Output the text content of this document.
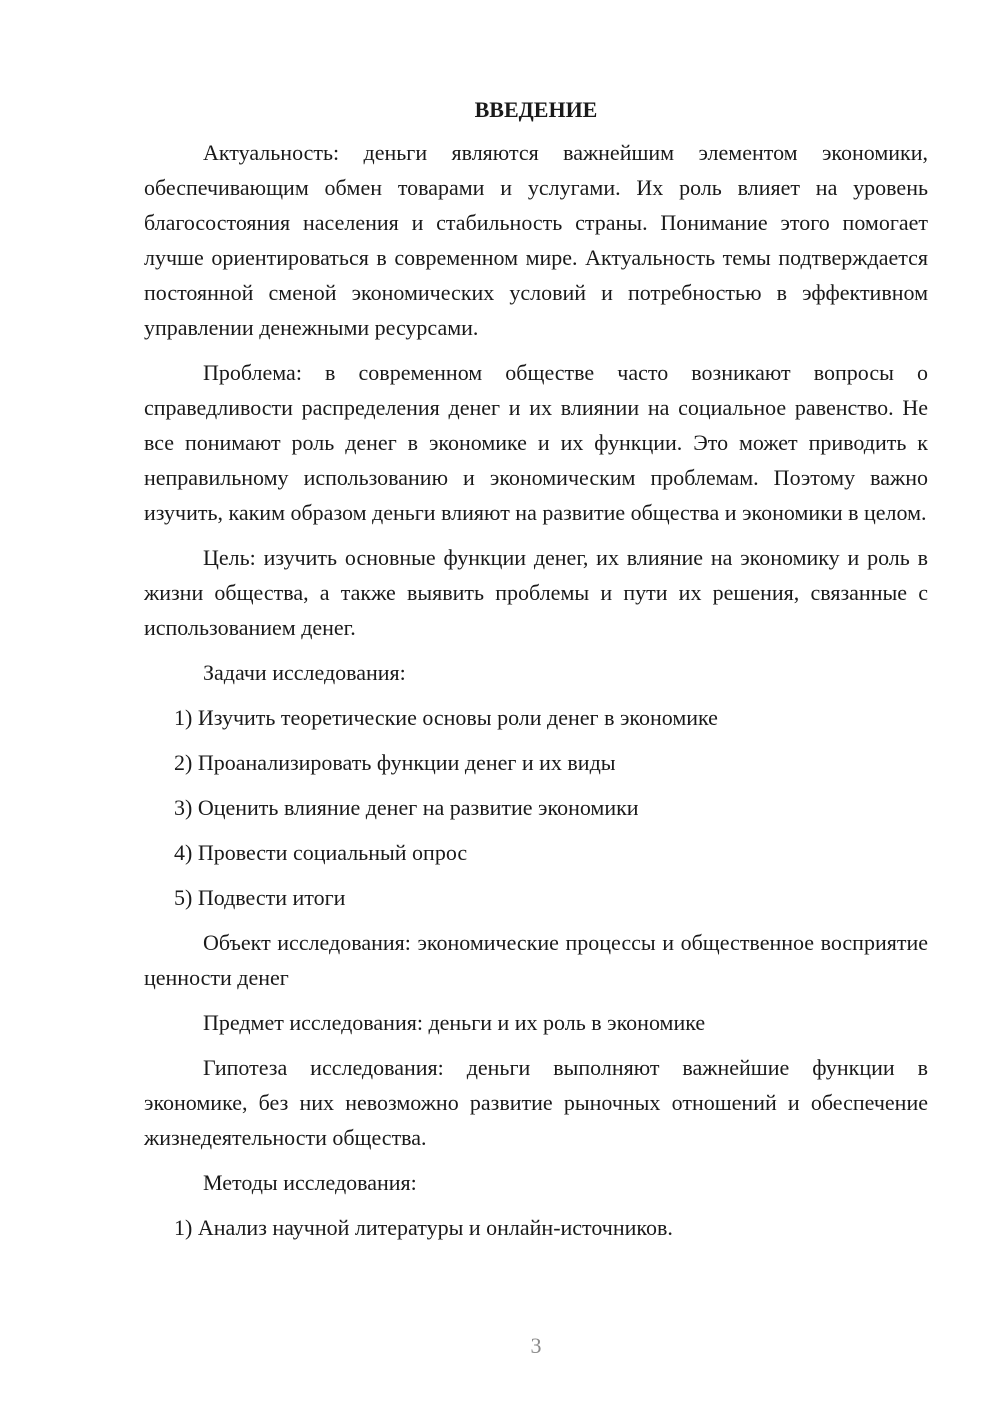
ВВЕДЕНИЕ

Актуальность: деньги являются важнейшим элементом экономики, обеспечивающим обмен товарами и услугами. Их роль влияет на уровень благосостояния населения и стабильность страны. Понимание этого помогает лучше ориентироваться в современном мире. Актуальность темы подтверждается постоянной сменой экономических условий и потребностью в эффективном управлении денежными ресурсами.

Проблема: в современном обществе часто возникают вопросы о справедливости распределения денег и их влиянии на социальное равенство. Не все понимают роль денег в экономике и их функции. Это может приводить к неправильному использованию и экономическим проблемам. Поэтому важно изучить, каким образом деньги влияют на развитие общества и экономики в целом.

Цель: изучить основные функции денег, их влияние на экономику и роль в жизни общества, а также выявить проблемы и пути их решения, связанные с использованием денег.

Задачи исследования:

1) Изучить теоретические основы роли денег в экономике
2) Проанализировать функции денег и их виды
3) Оценить влияние денег на развитие экономики
4) Провести социальный опрос
5) Подвести итоги

Объект исследования: экономические процессы и общественное восприятие ценности денег

Предмет исследования: деньги и их роль в экономике

Гипотеза исследования: деньги выполняют важнейшие функции в экономике, без них невозможно развитие рыночных отношений и обеспечение жизнедеятельности общества.

Методы исследования:

1) Анализ научной литературы и онлайн-источников.
3
